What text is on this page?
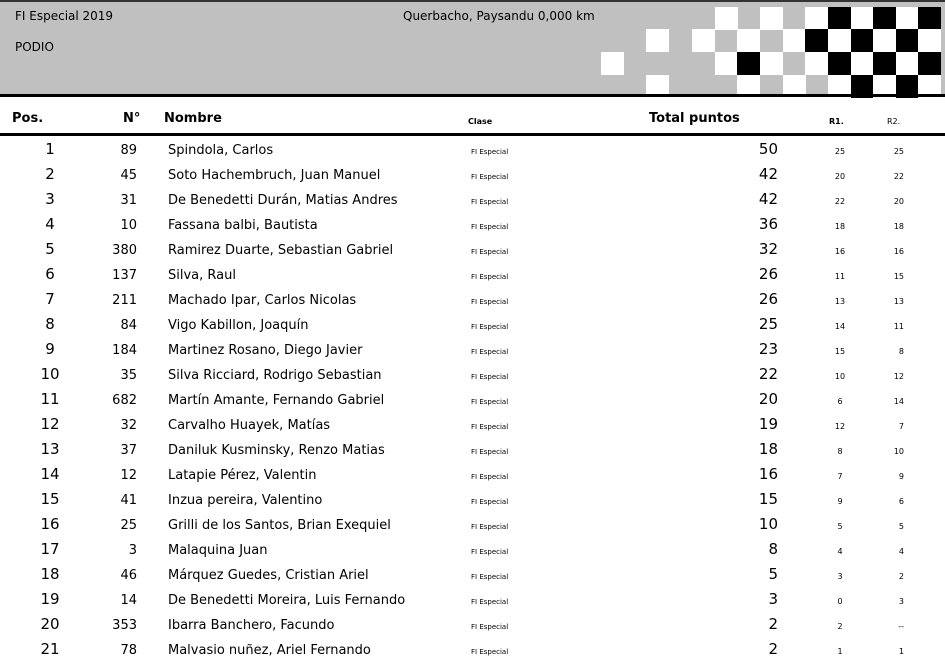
FI Especial 2019
PODIO
Querbacho, Paysandu 0,000 km
Pos.	N° Nombre	Clase	Total puntos	R1.	R2.
1	89 Spindola, Carlos	FI Especial	50	25	25
2	45 Soto Hachembruch, Juan Manuel	FI Especial	42	20	22
3	31 De Benedetti Durán, Matias Andres	FI Especial	42	22	20
4	10 Fassana balbi, Bautista	FI Especial	36	18	18
5	380 Ramirez Duarte, Sebastian Gabriel	FI Especial	32	16	16
6	137 Silva, Raul	FI Especial	26	11	15
7	211 Machado Ipar, Carlos Nicolas	FI Especial	26	13	13
8	84 Vigo Kabillon, Joaquín	FI Especial	25	14	11
9	184 Martinez Rosano, Diego Javier	FI Especial	23	15	8
10	35 Silva Ricciard, Rodrigo Sebastian	FI Especial	22	10	12
11	682 Martín Amante, Fernando Gabriel	FI Especial	20	6	14
12	32 Carvalho Huayek, Matías	FI Especial	19	12	7
13	37 Daniluk Kusminsky, Renzo Matias	FI Especial	18	8	10
14	12 Latapie Pérez, Valentin	FI Especial	16	7	9
15	41 Inzua pereira, Valentino	FI Especial	15	9	6
16	25 Grilli de los Santos, Brian Exequiel	FI Especial	10	5	5
17	3 Malaquina Juan	FI Especial	8	4	4
18	46 Márquez Guedes, Cristian Ariel	FI Especial	5	3	2
19	14 De Benedetti Moreira, Luis Fernando	FI Especial	3	0	3
20	353 Ibarra Banchero, Facundo	FI Especial	2	2	--
21	78 Malvasio nuñez, Ariel Fernando	FI Especial	2	1	1
